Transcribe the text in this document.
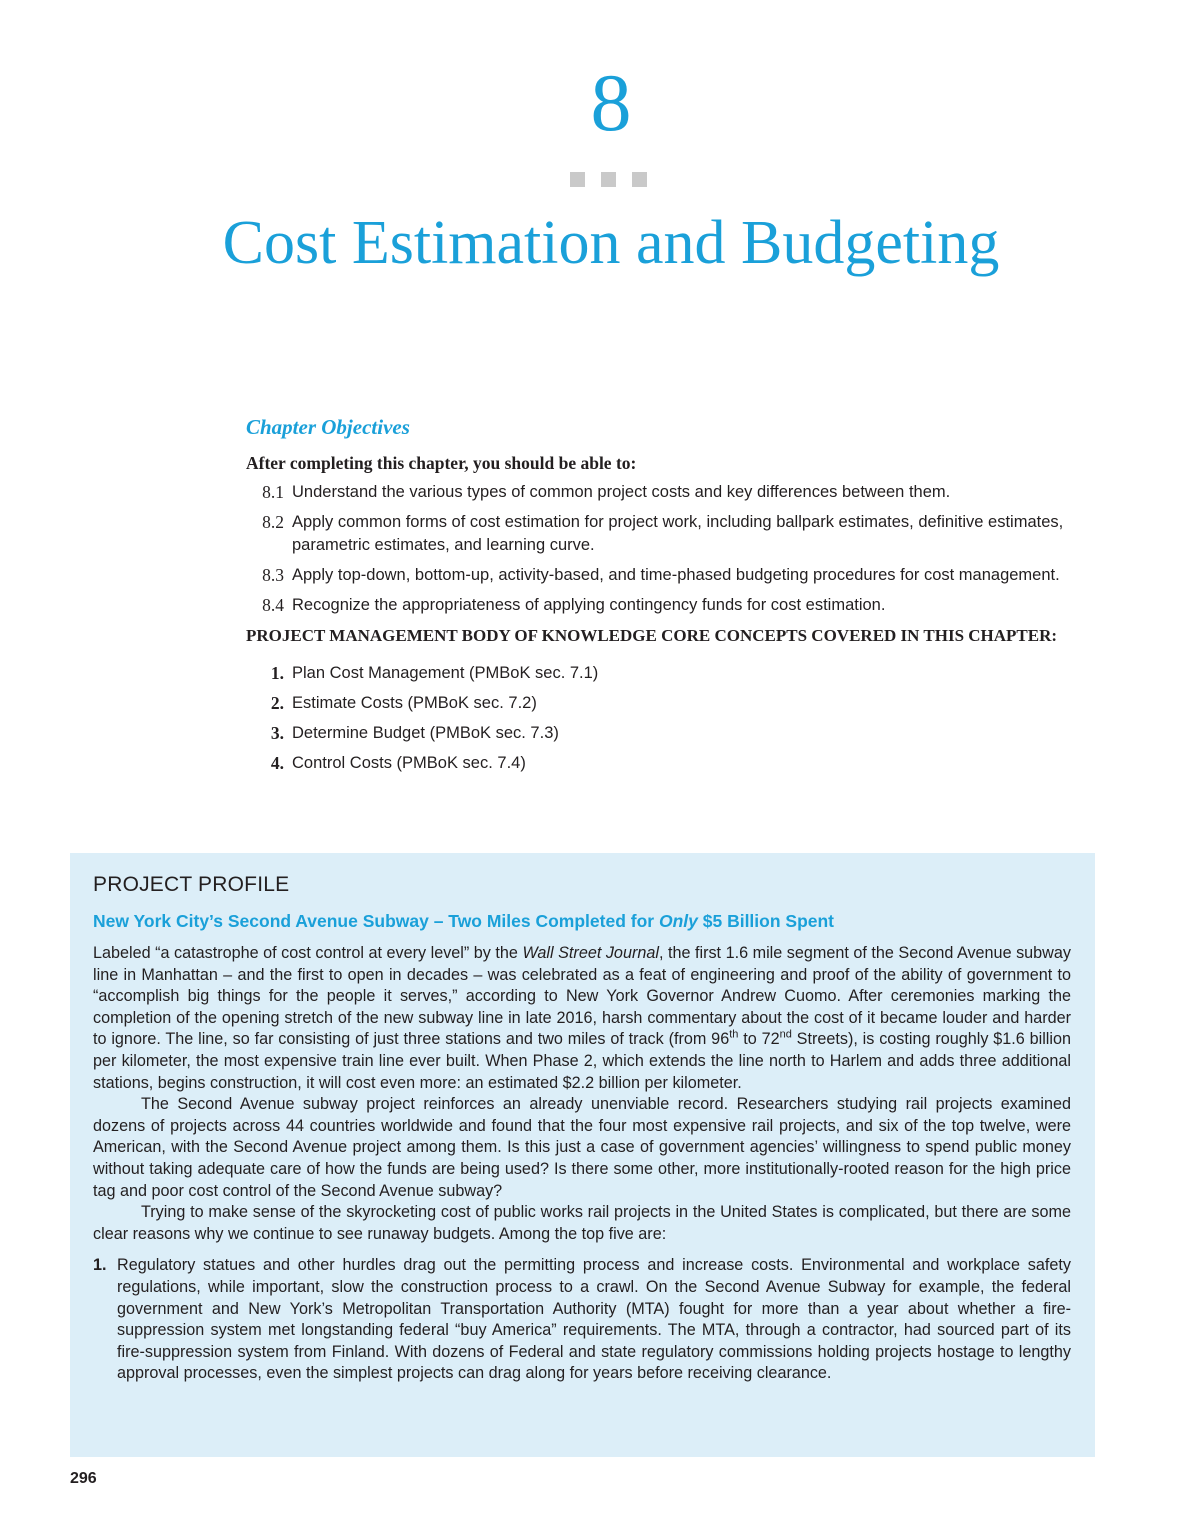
8
Cost Estimation and Budgeting
Chapter Objectives
After completing this chapter, you should be able to:
8.1 Understand the various types of common project costs and key differences between them.
8.2 Apply common forms of cost estimation for project work, including ballpark estimates, definitive estimates, parametric estimates, and learning curve.
8.3 Apply top-down, bottom-up, activity-based, and time-phased budgeting procedures for cost management.
8.4 Recognize the appropriateness of applying contingency funds for cost estimation.
PROJECT MANAGEMENT BODY OF KNOWLEDGE CORE CONCEPTS COVERED IN THIS CHAPTER:
1. Plan Cost Management (PMBoK sec. 7.1)
2. Estimate Costs (PMBoK sec. 7.2)
3. Determine Budget (PMBoK sec. 7.3)
4. Control Costs (PMBoK sec. 7.4)
PROJECT PROFILE
New York City’s Second Avenue Subway – Two Miles Completed for Only $5 Billion Spent

Labeled “a catastrophe of cost control at every level” by the Wall Street Journal, the first 1.6 mile segment of the Second Avenue subway line in Manhattan – and the first to open in decades – was celebrated as a feat of engineering and proof of the ability of government to “accomplish big things for the people it serves,” according to New York Governor Andrew Cuomo. After ceremonies marking the completion of the opening stretch of the new subway line in late 2016, harsh commentary about the cost of it became louder and harder to ignore. The line, so far consisting of just three stations and two miles of track (from 96th to 72nd Streets), is costing roughly $1.6 billion per kilometer, the most expensive train line ever built. When Phase 2, which extends the line north to Harlem and adds three additional stations, begins construction, it will cost even more: an estimated $2.2 billion per kilometer.

The Second Avenue subway project reinforces an already unenviable record. Researchers studying rail projects examined dozens of projects across 44 countries worldwide and found that the four most expensive rail projects, and six of the top twelve, were American, with the Second Avenue project among them. Is this just a case of government agencies’ willingness to spend public money without taking adequate care of how the funds are being used? Is there some other, more institutionally-rooted reason for the high price tag and poor cost control of the Second Avenue subway?

Trying to make sense of the skyrocketing cost of public works rail projects in the United States is complicated, but there are some clear reasons why we continue to see runaway budgets. Among the top five are:

1. Regulatory statues and other hurdles drag out the permitting process and increase costs. Environmental and workplace safety regulations, while important, slow the construction process to a crawl. On the Second Avenue Subway for example, the federal government and New York’s Metropolitan Transportation Authority (MTA) fought for more than a year about whether a fire-suppression system met longstanding federal “buy America” requirements. The MTA, through a contractor, had sourced part of its fire-suppression system from Finland. With dozens of Federal and state regulatory commissions holding projects hostage to lengthy approval processes, even the simplest projects can drag along for years before receiving clearance.
296
